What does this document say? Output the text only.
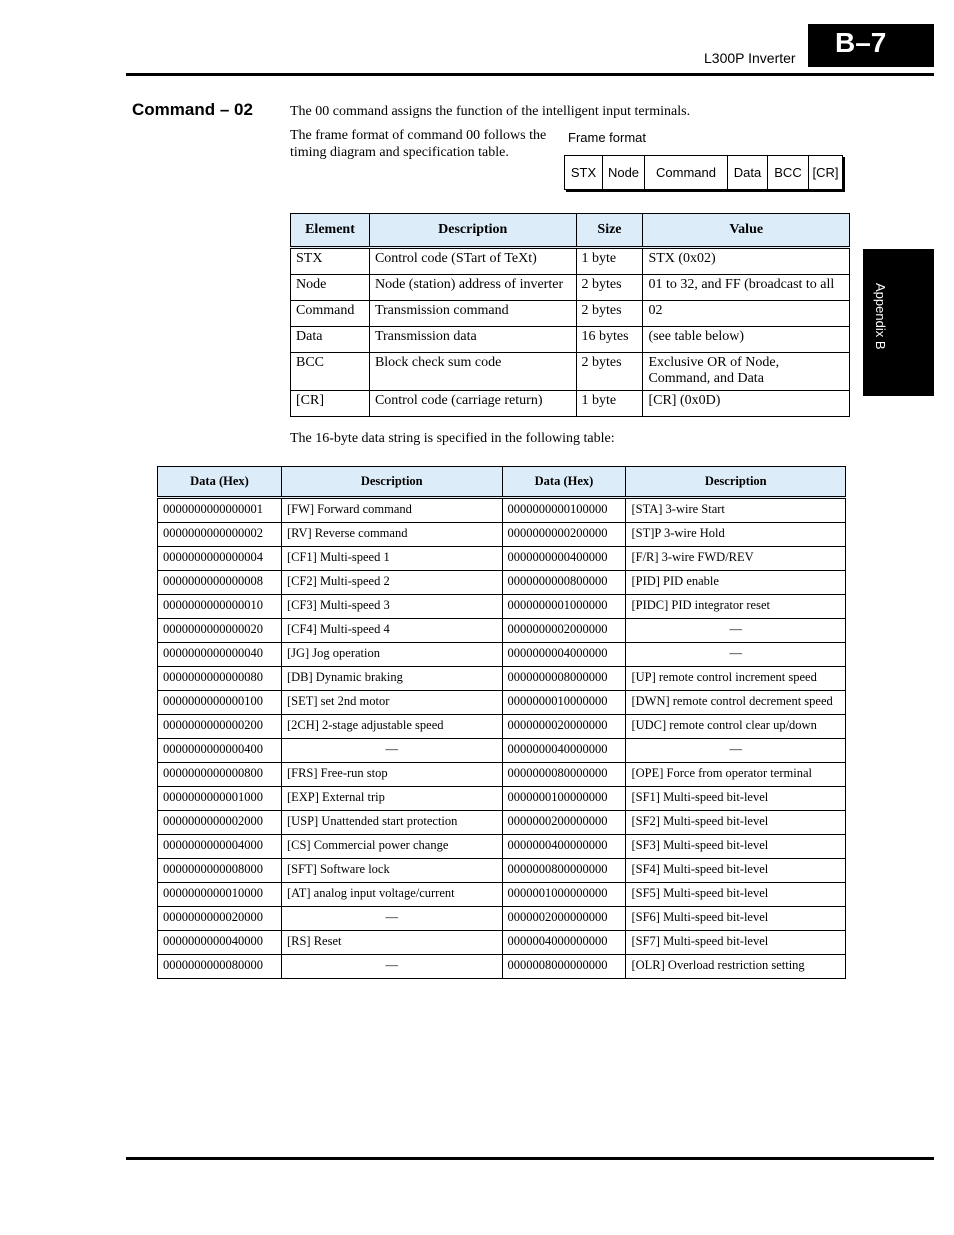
L300P Inverter B–7
Appendix B
Command – 02	The 00 command assigns the function of the intelligent input terminals.
The frame format of command 00 follows the timing diagram and specification table.
Frame format
STX Node	Command	Data	BCC [CR]
Element	Description	Size	Value
STX	Control code (STart of TeXt)	1 byte	STX (0x02)
Node	Node (station) address of inverter	2 bytes	01 to 32, and FF (broadcast to all
Command	Transmission command	2 bytes	02
Data	Transmission data	16 bytes	(see table below)
BCC	Block check sum code	2 bytes	Exclusive OR of Node, Command, and Data
[CR]	Control code (carriage return)	1 byte	[CR] (0x0D)
The 16-byte data string is specified in the following table:
Data (Hex)	Description	Data (Hex)	Description
0000000000000001	[FW] Forward command	0000000000100000	[STA] 3-wire Start
0000000000000002	[RV] Reverse command	0000000000200000	[ST]P 3-wire Hold
0000000000000004	[CF1] Multi-speed 1	0000000000400000	[F/R] 3-wire FWD/REV
0000000000000008	[CF2] Multi-speed 2	0000000000800000	[PID] PID enable
0000000000000010	[CF3] Multi-speed 3	0000000001000000	[PIDC] PID integrator reset
0000000000000020	[CF4] Multi-speed 4	0000000002000000	—
0000000000000040	[JG] Jog operation	0000000004000000	—
0000000000000080	[DB] Dynamic braking	0000000008000000	[UP] remote control increment speed
0000000000000100	[SET] set 2nd motor	0000000010000000	[DWN] remote control decrement speed
0000000000000200	[2CH] 2-stage adjustable speed	0000000020000000	[UDC] remote control clear up/down
0000000000000400	—	0000000040000000	—
0000000000000800	[FRS] Free-run stop	0000000080000000	[OPE] Force from operator terminal
0000000000001000	[EXP] External trip	0000000100000000	[SF1] Multi-speed bit-level
0000000000002000	[USP] Unattended start protection	0000000200000000	[SF2] Multi-speed bit-level
0000000000004000	[CS] Commercial power change	0000000400000000	[SF3] Multi-speed bit-level
0000000000008000	[SFT] Software lock	0000000800000000	[SF4] Multi-speed bit-level
0000000000010000	[AT] analog input voltage/current	0000001000000000	[SF5] Multi-speed bit-level
0000000000020000	—	0000002000000000	[SF6] Multi-speed bit-level
0000000000040000	[RS] Reset	0000004000000000	[SF7] Multi-speed bit-level
0000000000080000	—	0000008000000000	[OLR] Overload restriction setting
